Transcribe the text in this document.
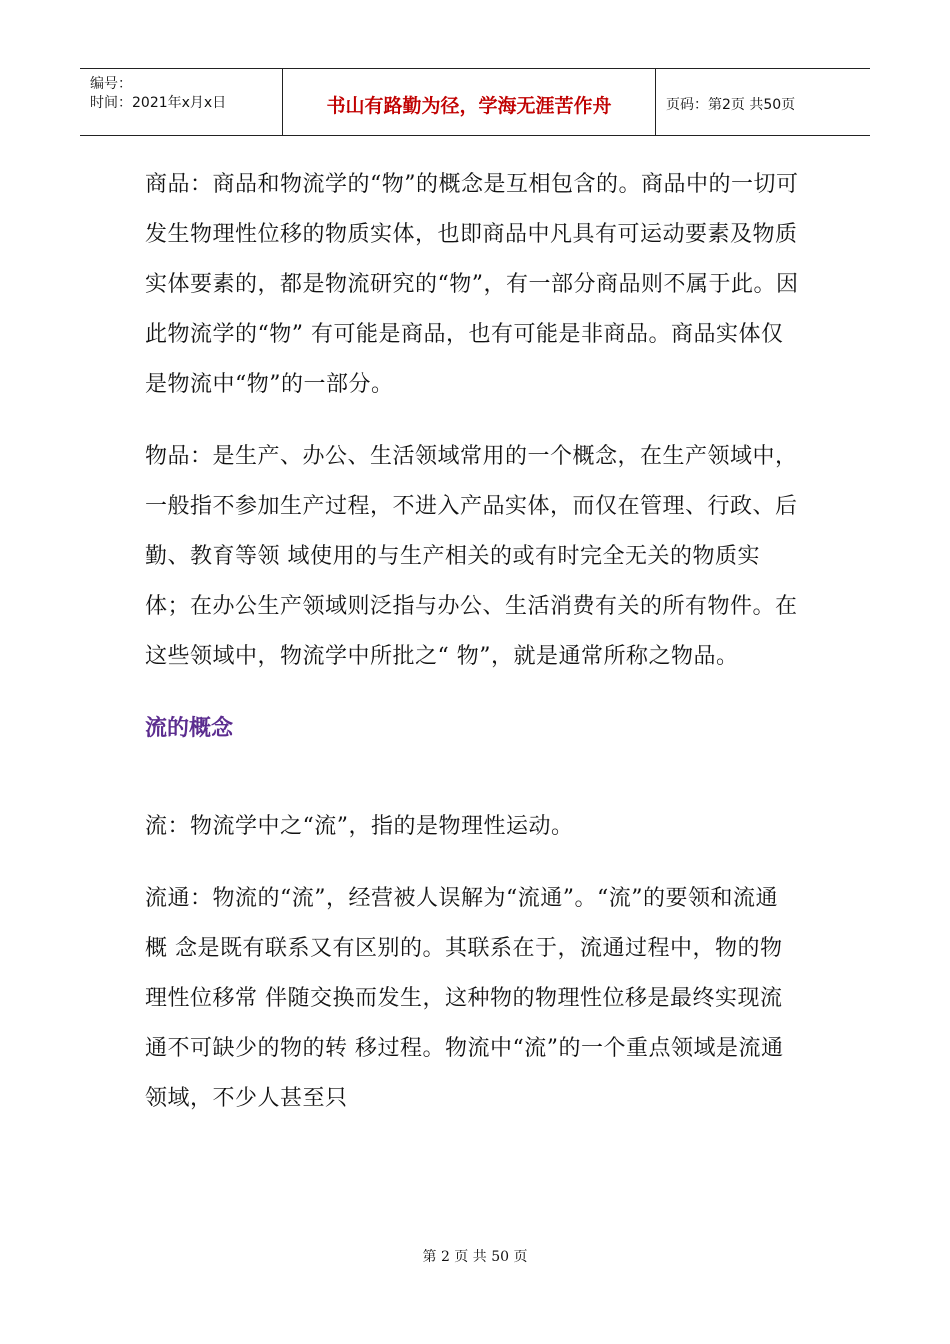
编号：
时间：2021年x月x日	书山有路勤为径，学海无涯苦作舟	页码：第2页 共50页

商品：商品和物流学的“物”的概念是互相包含的。商品中的一切可发生物理性位移的物质实体，也即商品中凡具有可运动要素及物质实体要素的，都是物流研究的“物”，有一部分商品则不属于此。因此物流学的“物” 有可能是商品，也有可能是非商品。商品实体仅是物流中“物”的一部分。

物品：是生产、办公、生活领域常用的一个概念，在生产领域中，一般指不参加生产过程，不进入产品实体，而仅在管理、行政、后勤、教育等领 域使用的与生产相关的或有时完全无关的物质实体；在办公生产领域则泛指与办公、生活消费有关的所有物件。在这些领域中，物流学中所批之“ 物”，就是通常所称之物品。

流的概念

流：物流学中之“流”，指的是物理性运动。

流通：物流的“流”，经营被人误解为“流通”。“流”的要领和流通概 念是既有联系又有区别的。其联系在于，流通过程中，物的物理性位移常 伴随交换而发生，这种物的物理性位移是最终实现流通不可缺少的物的转 移过程。物流中“流”的一个重点领域是流通领域，不少人甚至只

第 2 页 共 50 页
